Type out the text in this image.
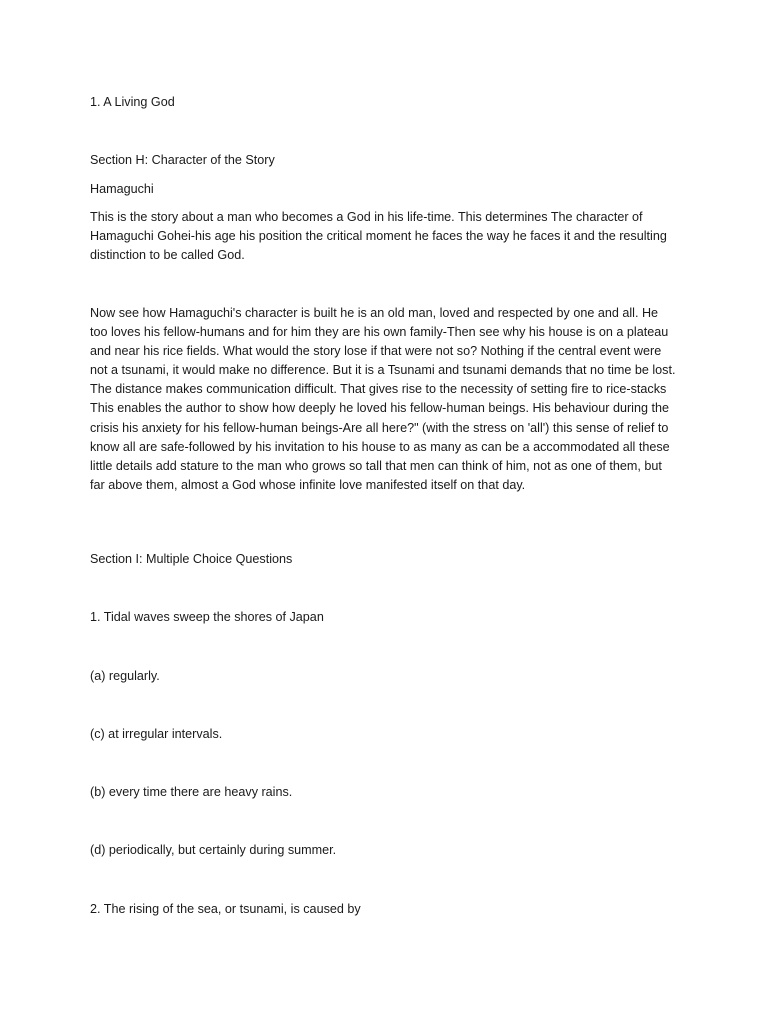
1. A Living God

Section H: Character of the Story

Hamaguchi

This is the story about a man who becomes a God in his life-time. This determines The character of Hamaguchi Gohei-his age his position the critical moment he faces the way he faces it and the resulting distinction to be called God.

Now see how Hamaguchi's character is built he is an old man, loved and respected by one and all. He too loves his fellow-humans and for him they are his own family-Then see why his house is on a plateau and near his rice fields. What would the story lose if that were not so? Nothing if the central event were not a tsunami, it would make no difference. But it is a Tsunami and tsunami demands that no time be lost. The distance makes communication difficult. That gives rise to the necessity of setting fire to rice-stacks This enables the author to show how deeply he loved his fellow-human beings. His behaviour during the crisis his anxiety for his fellow-human beings-Are all here?" (with the stress on 'all') this sense of relief to know all are safe-followed by his invitation to his house to as many as can be a accommodated all these little details add stature to the man who grows so tall that men can think of him, not as one of them, but far above them, almost a God whose infinite love manifested itself on that day.

Section I: Multiple Choice Questions

1. Tidal waves sweep the shores of Japan

(a) regularly.

(c) at irregular intervals.

(b) every time there are heavy rains.

(d) periodically, but certainly during summer.

2. The rising of the sea, or tsunami, is caused by
